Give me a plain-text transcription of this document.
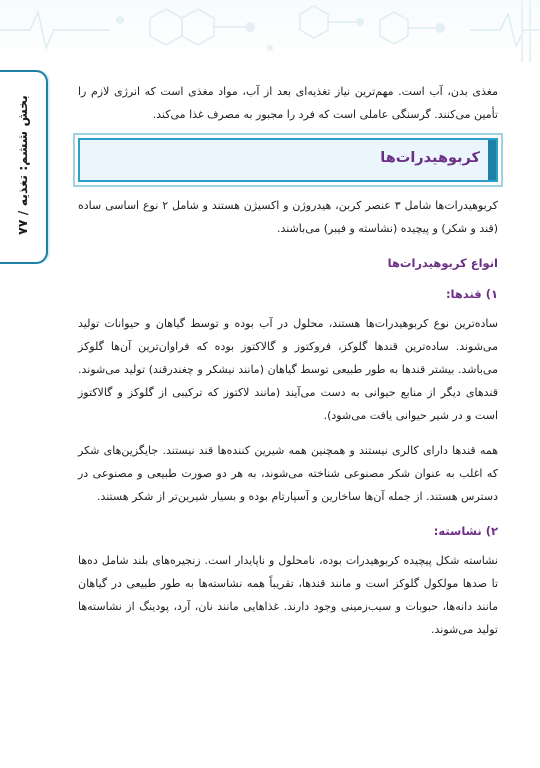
بخش ششم: تغذیه / ۷۷

مغذی بدن، آب است. مهم‌ترین نیاز تغذیه‌ای بعد از آب، مواد مغذی است که انرژی لازم را تأمین می‌کنند. گرسنگی عاملی است که فرد را مجبور به مصرف غذا می‌کند.

کربوهیدرات‌ها

کربوهیدرات‌ها شامل ۳ عنصر کربن، هیدروژن و اکسیژن هستند و شامل ۲ نوع اساسی ساده (قند و شکر) و پیچیده (نشاسته و فیبر) می‌باشند.

انواع کربوهیدرات‌ها
۱) قندها:

ساده‌ترین نوع کربوهیدرات‌ها هستند، محلول در آب بوده و توسط گیاهان و حیوانات تولید می‌شوند. ساده‌ترین قندها گلوکز، فروکتوز و گالاکتوز بوده که فراوان‌ترین آن‌ها گلوکز می‌باشد. بیشتر قندها به طور طبیعی توسط گیاهان (مانند نیشکر و چغندرقند) تولید می‌شوند. قندهای دیگر از منابع حیوانی به دست می‌آیند (مانند لاکتوز که ترکیبی از گلوکز و گالاکتوز است و در شیر حیوانی یافت می‌شود).

همه قندها دارای کالری نیستند و همچنین همه شیرین کننده‌ها قند نیستند. جایگزین‌های شکر که اغلب به عنوان شکر مصنوعی شناخته می‌شوند، به هر دو صورت طبیعی و مصنوعی در دسترس هستند. از جمله آن‌ها ساخارین و آسپارتام بوده و بسیار شیرین‌تر از شکر هستند.

۲) نشاسته:

نشاسته شکل پیچیده کربوهیدرات بوده، نامحلول و ناپایدار است. زنجیره‌های بلند شامل ده‌ها تا صدها مولکول گلوکز است و مانند قندها، تقریباً همه نشاسته‌ها به طور طبیعی در گیاهان مانند دانه‌ها، حبوبات و سیب‌زمینی وجود دارند. غذاهایی مانند نان، آرد، پودینگ از نشاسته‌ها تولید می‌شوند.
